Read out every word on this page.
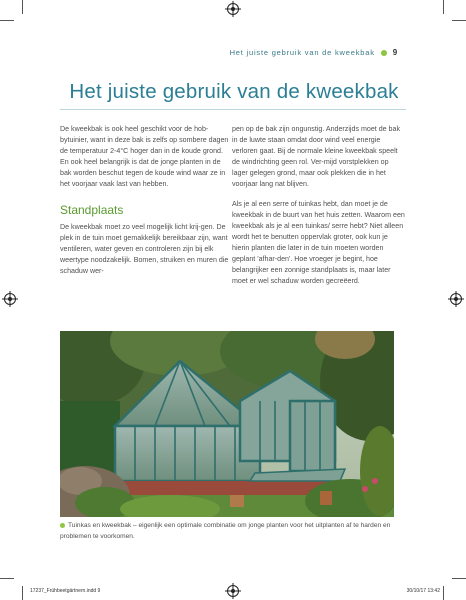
Het juiste gebruik van de kweekbak 9
Het juiste gebruik van de kweekbak

De kweekbak is ook heel geschikt voor de hob-bytuinier, want in deze bak is zelfs op sombere dagen de temperatuur 2-4°C hoger dan in de koude grond. En ook heel belangrijk is dat de jonge planten in de bak worden beschut tegen de koude wind waar ze in het voorjaar vaak last van hebben.

Standplaats

De kweekbak moet zo veel mogelijk licht krij-gen. De plek in de tuin moet gemakkelijk bereikbaar zijn, want ventileren, water geven en controleren zijn bij elk weertype noodzakelijk. Bomen, struiken en muren die schaduw wer-

pen op de bak zijn ongunstig. Anderzijds moet de bak in de luwte staan omdat door wind veel energie verloren gaat. Bij de normale kleine kweekbak speelt de windrichting geen rol. Ver-mijd vorstplekken op lager gelegen grond, maar ook plekken die in het voorjaar lang nat blijven.

Als je al een serre of tuinkas hebt, dan moet je de kweekbak in de buurt van het huis zetten. Waarom een kweekbak als je al een tuinkas/ serre hebt? Niet alleen wordt het te benutten oppervlak groter, ook kun je hierin planten die later in de tuin moeten worden geplant 'afhar-den'. Hoe vroeger je begint, hoe belangrijker een zonnige standplaats is, maar later moet er wel schaduw worden gecreëerd.

Tuinkas en kweekbak – eigenlijk een optimale combinatie om jonge planten voor het uitplanten af te harden en problemen te voorkomen.
17237_Frühbeetgärtnern.indd 9	30/10/17 13:42
